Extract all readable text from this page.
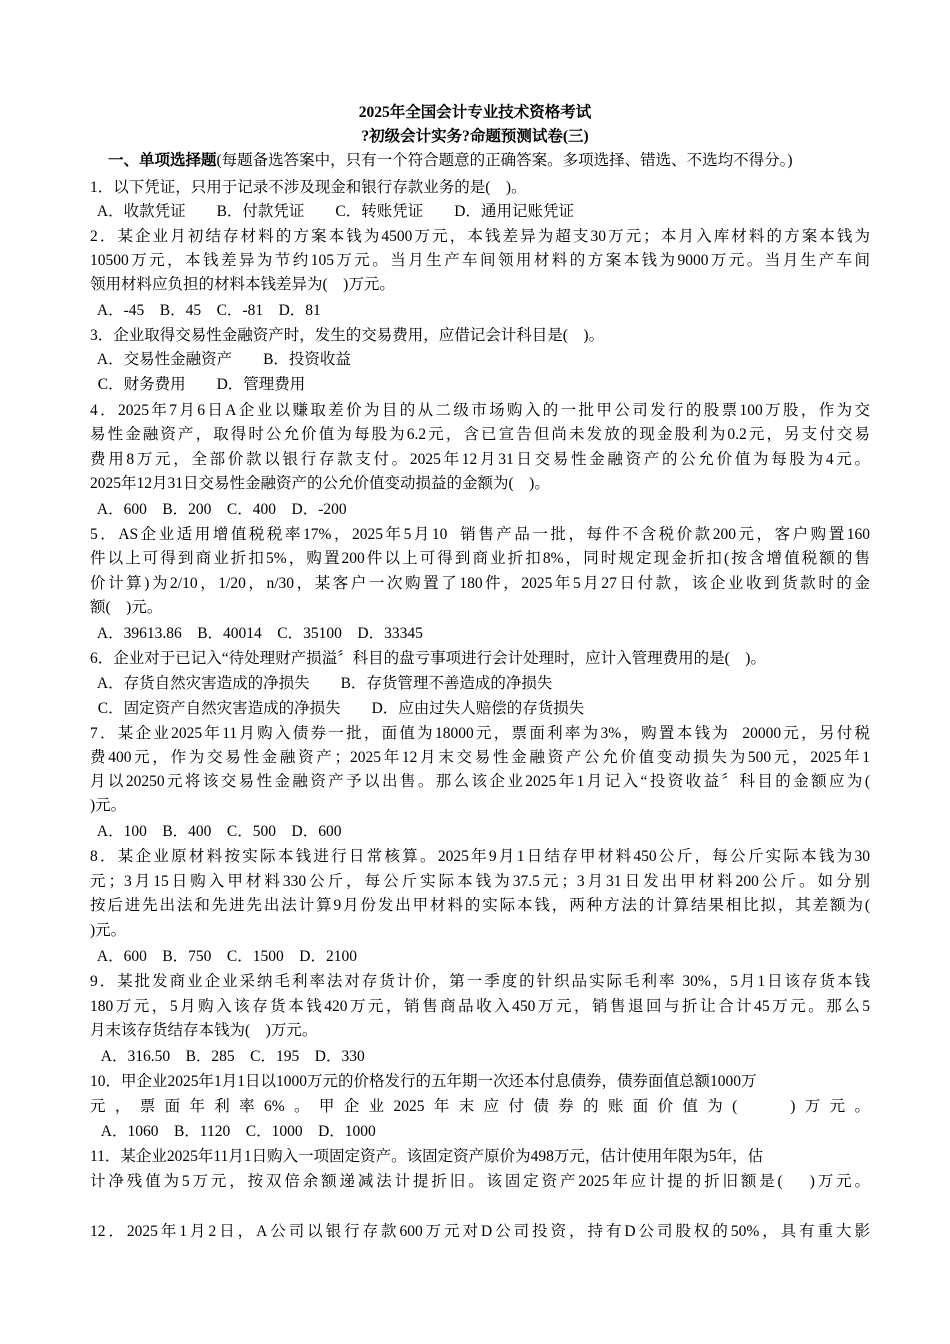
2025年全国会计专业技术资格考试
?初级会计实务?命题预测试卷(三)
一、单项选择题(每题备选答案中，只有一个符合题意的正确答案。多项选择、错选、不选均不得分。)
1．以下凭证，只用于记录不涉及现金和银行存款业务的是(    )。
A．收款凭证        B．付款凭证        C．转账凭证        D．通用记账凭证
2．某企业月初结存材料的方案本钱为4500万元，本钱差异为超支30万元；本月入库材料的方案本钱为
10500万元，本钱差异为节约105万元。当月生产车间领用材料的方案本钱为9000万元。当月生产车间
领用材料应负担的材料本钱差异为(    )万元。
A．-45    B．45    C．-81    D．81
3．企业取得交易性金融资产时，发生的交易费用，应借记会计科目是(    )。
A．交易性金融资产        B．投资收益
C．财务费用        D．管理费用
4．2025年7月6日A企业以赚取差价为目的从二级市场购入的一批甲公司发行的股票100万股，作为交
易性金融资产，取得时公允价值为每股为6.2元，含已宣告但尚未发放的现金股利为0.2元，另支付交易
费用8万元，全部价款以银行存款支付。2025年12月31日交易性金融资产的公允价值为每股为4元。
2025年12月31日交易性金融资产的公允价值变动损益的金额为(    )。
A．600    B．200    C．400    D．-200
5．AS企业适用增值税税率17%，2025年5月10  销售产品一批，每件不含税价款200元，客户购置160
件以上可得到商业折扣5%，购置200件以上可得到商业折扣8%，同时规定现金折扣(按含增值税额的售
价计算)为2/10，1/20，n/30，某客户一次购置了180件，2025年5月27日付款，该企业收到货款时的金
额(    )元。
A．39613.86    B．40014    C．35100    D．33345
6．企业对于已记入“待处理财产损溢〞科目的盘亏事项进行会计处理时，应计入管理费用的是(    )。
A．存货自然灾害造成的净损失        B．存货管理不善造成的净损失
C．固定资产自然灾害造成的净损失        D．应由过失人赔偿的存货损失
7．某企业2025年11月购入债券一批，面值为18000元，票面利率为3%，购置本钱为  20000元，另付税
费400元，作为交易性金融资产；2025年12月末交易性金融资产公允价值变动损失为500元，2025年1
月以20250元将该交易性金融资产予以出售。那么该企业2025年1月记入“投资收益〞科目的金额应为(
)元。
A．100    B．400    C．500    D．600
8．某企业原材料按实际本钱进行日常核算。2025年9月1日结存甲材料450公斤，每公斤实际本钱为30
元；3月15日购入甲材料330公斤，每公斤实际本钱为37.5元；3月31日发出甲材料200公斤。如分别
按后进先出法和先进先出法计算9月份发出甲材料的实际本钱，两种方法的计算结果相比拟，其差额为(
)元。
A．600    B．750    C．1500    D．2100
9．某批发商业企业采纳毛利率法对存货计价，第一季度的针织品实际毛利率 30%，5月1日该存货本钱
180万元，5月购入该存货本钱420万元，销售商品收入450万元，销售退回与折让合计45万元。那么5
月末该存货结存本钱为(    )万元。
A．316.50    B．285    C．195    D．330
10．甲企业2025年1月1日以1000万元的价格发行的五年期一次还本付息债券，债券面值总额1000万
元，票面年利率6%。甲企业2025年末应付债券的账面价值为(    )万元。
A．1060    B．1120    C．1000    D．1000
11．某企业2025年11月1日购入一项固定资产。该固定资产原价为498万元，估计使用年限为5年，估
计净残值为5万元，按双倍余额递减法计提折旧。该固定资产2025年应计提的折旧额是(    )万元。
12．2025年1月2日，A公司以银行存款600万元对D公司投资，持有D公司股权的50%，具有重大影
